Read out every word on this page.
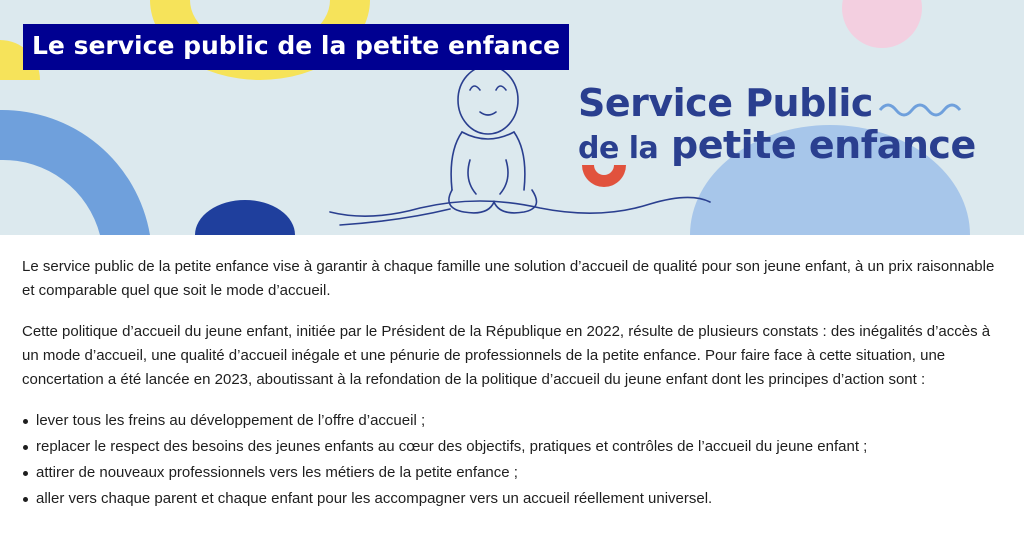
Le service public de la petite enfance
Service Public
de la petite enfance

Le service public de la petite enfance vise à garantir à chaque famille une solution d’accueil de qualité pour son jeune enfant, à un prix raisonnable et comparable quel que soit le mode d’accueil.

Cette politique d’accueil du jeune enfant, initiée par le Président de la République en 2022, résulte de plusieurs constats : des inégalités d’accès à un mode d’accueil, une qualité d’accueil inégale et une pénurie de professionnels de la petite enfance. Pour faire face à cette situation, une concertation a été lancée en 2023, aboutissant à la refondation de la politique d’accueil du jeune enfant dont les principes d’action sont :

lever tous les freins au développement de l’offre d’accueil ;
replacer le respect des besoins des jeunes enfants au cœur des objectifs, pratiques et contrôles de l’accueil du jeune enfant ;
attirer de nouveaux professionnels vers les métiers de la petite enfance ;
aller vers chaque parent et chaque enfant pour les accompagner vers un accueil réellement universel.
